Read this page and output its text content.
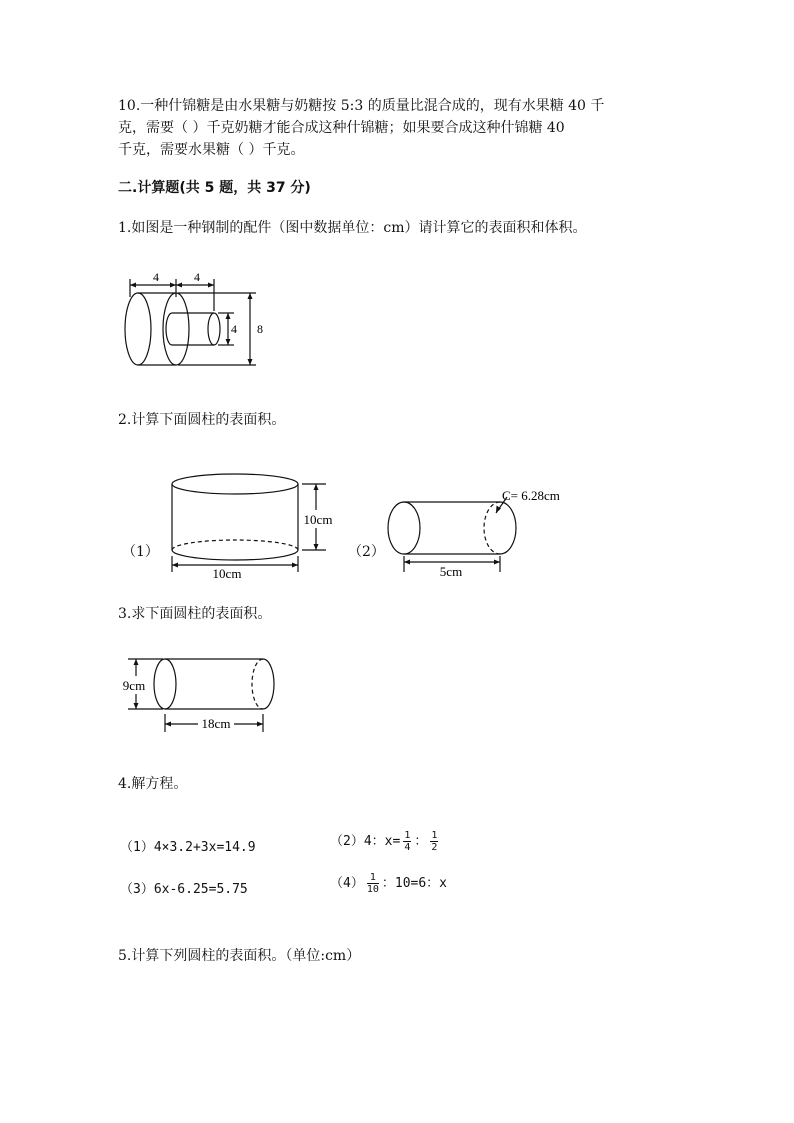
10.一种什锦糖是由水果糖与奶糖按 5:3 的质量比混合成的，现有水果糖 40 千
克，需要（ ）千克奶糖才能合成这种什锦糖；如果要合成这种什锦糖 40
千克，需要水果糖（ ）千克。
二.计算题(共 5 题，共 37 分)
1.如图是一种钢制的配件（图中数据单位：cm）请计算它的表面积和体积。
4	4
4 8
2.计算下面圆柱的表面积。
（1）
10cm
10cm
（2）
C= 6.28cm
5cm
3.求下面圆柱的表面积。
9cm
18cm
4.解方程。
（1）4×3.2+3x=14.9	（2）4：$x= \frac{1}{4}$ ： $\frac{1}{2}$
（3）6x-6.25=5.75	$(4) \frac{1}{10}$ ：10=6：x
5.计算下列圆柱的表面积。（单位:cm）
